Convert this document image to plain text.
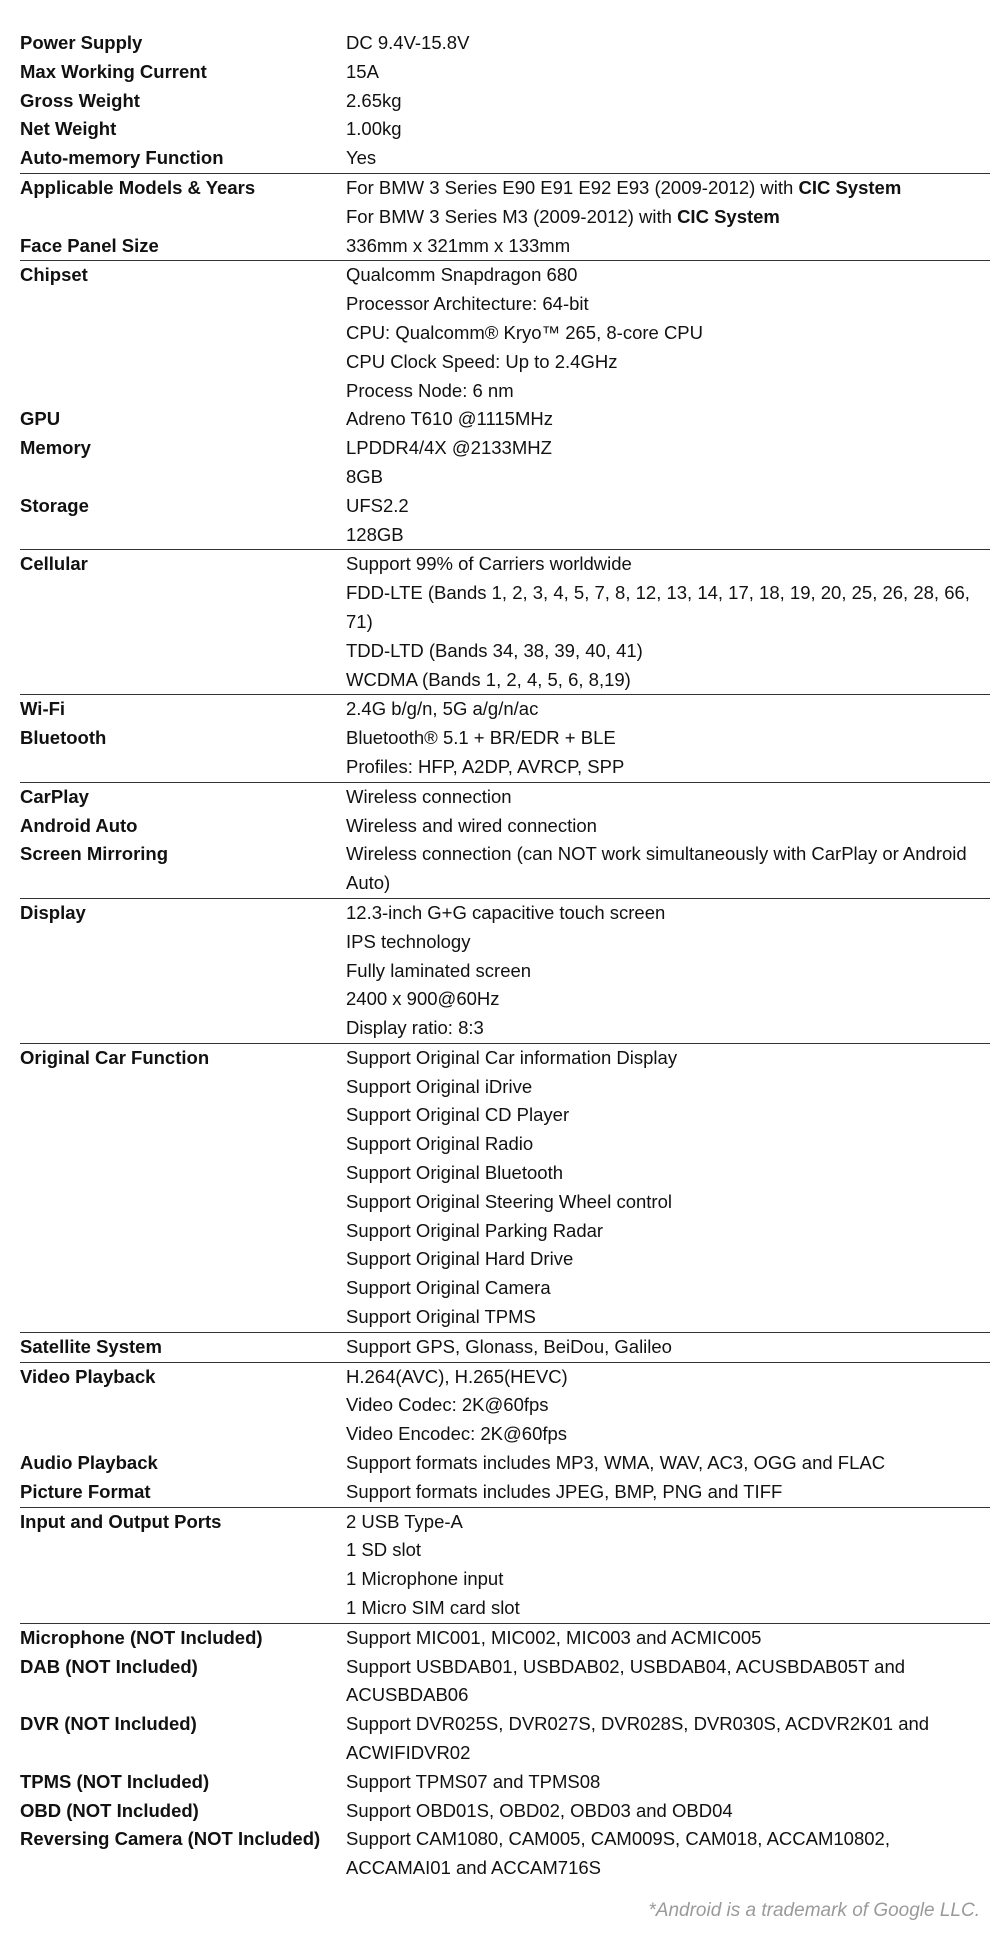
Power Supply	DC 9.4V-15.8V
Max Working Current	15A
Gross Weight	2.65kg
Net Weight	1.00kg
Auto-memory Function	Yes
Applicable Models & Years	For BMW 3 Series E90 E91 E92 E93 (2009-2012) with CIC System
For BMW 3 Series M3 (2009-2012) with CIC System
Face Panel Size	336mm x 321mm x 133mm
Chipset	Qualcomm Snapdragon 680
Processor Architecture: 64-bit
CPU: Qualcomm® Kryo™ 265, 8-core CPU
CPU Clock Speed: Up to 2.4GHz
Process Node: 6 nm
GPU	Adreno T610 @1115MHz
Memory	LPDDR4/4X @2133MHZ
8GB
Storage	UFS2.2
128GB
Cellular	Support 99% of Carriers worldwide
FDD-LTE (Bands 1, 2, 3, 4, 5, 7, 8, 12, 13, 14, 17, 18, 19, 20, 25, 26, 28, 66, 71)
TDD-LTD (Bands 34, 38, 39, 40, 41)
WCDMA (Bands 1, 2, 4, 5, 6, 8,19)
Wi-Fi	2.4G b/g/n, 5G a/g/n/ac
Bluetooth	Bluetooth® 5.1 + BR/EDR + BLE
Profiles: HFP, A2DP, AVRCP, SPP
CarPlay	Wireless connection
Android Auto	Wireless and wired connection
Screen Mirroring	Wireless connection (can NOT work simultaneously with CarPlay or Android Auto)
Display	12.3-inch G+G capacitive touch screen
IPS technology
Fully laminated screen
2400 x 900@60Hz
Display ratio: 8:3
Original Car Function	Support Original Car information Display
Support Original iDrive
Support Original CD Player
Support Original Radio
Support Original Bluetooth
Support Original Steering Wheel control
Support Original Parking Radar
Support Original Hard Drive
Support Original Camera
Support Original TPMS
Satellite System	Support GPS, Glonass, BeiDou, Galileo
Video Playback	H.264(AVC), H.265(HEVC)
Video Codec: 2K@60fps
Video Encodec: 2K@60fps
Audio Playback	Support formats includes MP3, WMA, WAV, AC3, OGG and FLAC
Picture Format	Support formats includes JPEG, BMP, PNG and TIFF
Input and Output Ports	2 USB Type-A
1 SD slot
1 Microphone input
1 Micro SIM card slot
Microphone (NOT Included)	Support MIC001, MIC002, MIC003 and ACMIC005
DAB (NOT Included)	Support USBDAB01, USBDAB02, USBDAB04, ACUSBDAB05T and ACUSBDAB06
DVR (NOT Included)	Support DVR025S, DVR027S, DVR028S, DVR030S, ACDVR2K01 and ACWIFIDVR02
TPMS (NOT Included)	Support TPMS07 and TPMS08
OBD (NOT Included)	Support OBD01S, OBD02, OBD03 and OBD04
Reversing Camera (NOT Included)	Support CAM1080, CAM005, CAM009S, CAM018, ACCAM10802, ACCAMAI01 and ACCAM716S
*Android is a trademark of Google LLC.
